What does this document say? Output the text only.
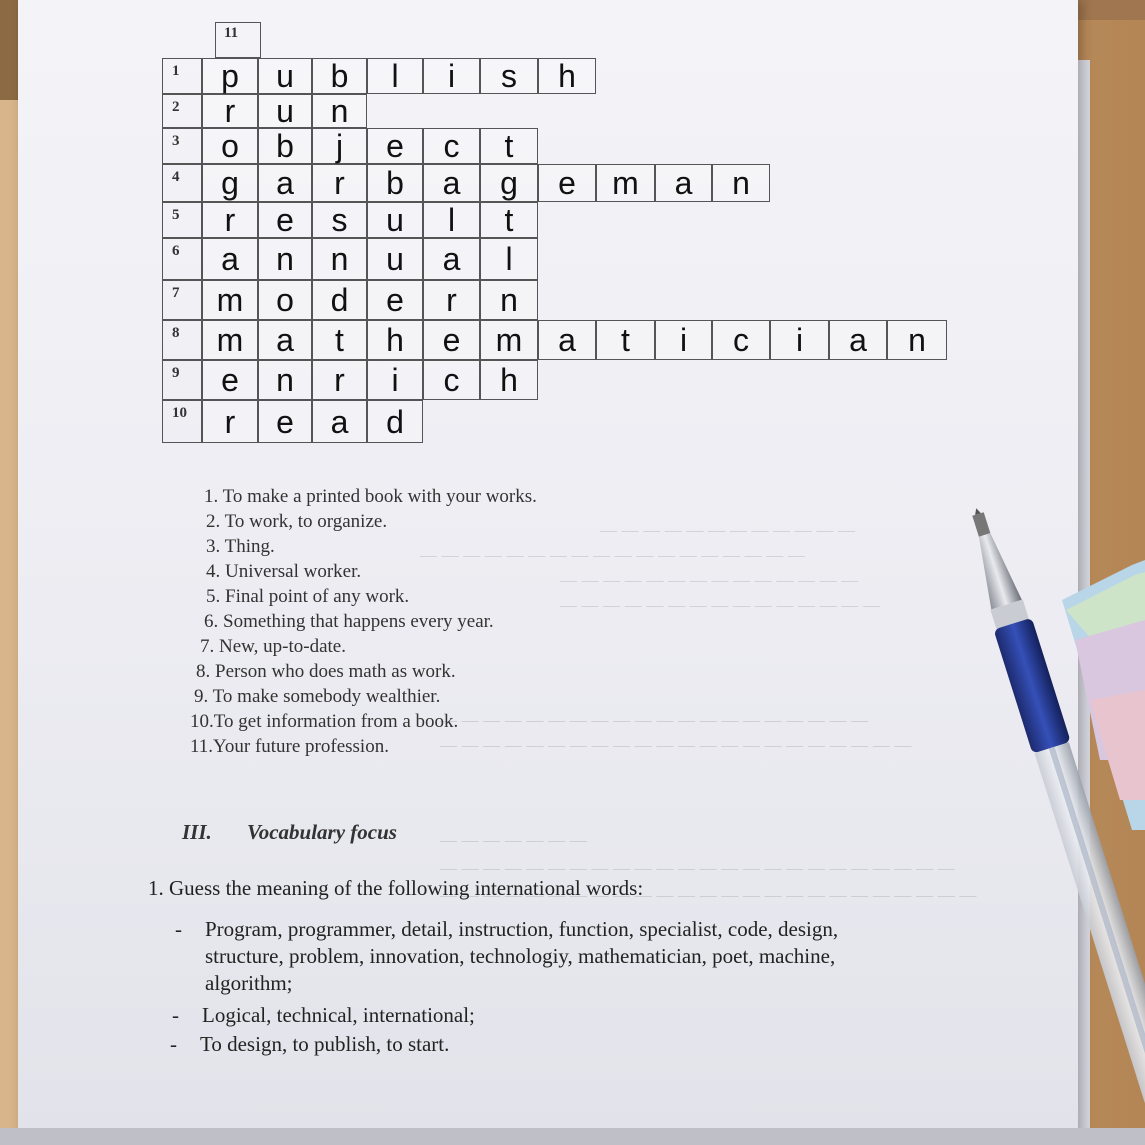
— — — — — — — — — — — —
— — — — — — — — — — — — — — — — — —
— — — — — — — — — — — — — —
— — — — — — — — — — — — — — —
— — — — — — — — — — — — — — — — — — — —
— — — — — — — — — — — — — — — — — — — — — —
— — — — — — —
— — — — — — — — — — — — — — — — — — — — — — — —
— — — — — — — — — — — — — — — — — — — — — — — — —
1	p	u	b	l	i	s	h
2	r	u	n
3	o	b	j	e	c	t
4	g	a	r	b	a	g	e	m	a	n
5	r	e	s	u	l	t
6	a	n	n	u	a	l
7	m	o	d	e	r	n
8	m	a	t	h	e	m	a	t	i	c	i	a	n
9	e	n	r	i	c	h
10	r	e	a	d
11
1. To make a printed book with your works.
2. To work, to organize.
3. Thing.
4. Universal worker.
5. Final point of any work.
6. Something that happens every year.
7. New, up-to-date.
8. Person who does math as work.
9. To make somebody wealthier.
10.To get information from a book.
11.Your future profession.
III. Vocabulary focus
1. Guess the meaning of the following international words:
- Program, programmer, detail, instruction, function, specialist, code, design,
structure, problem, innovation, technologiy, mathematician, poet, machine,
algorithm;
- Logical, technical, international;
- To design, to publish, to start.
